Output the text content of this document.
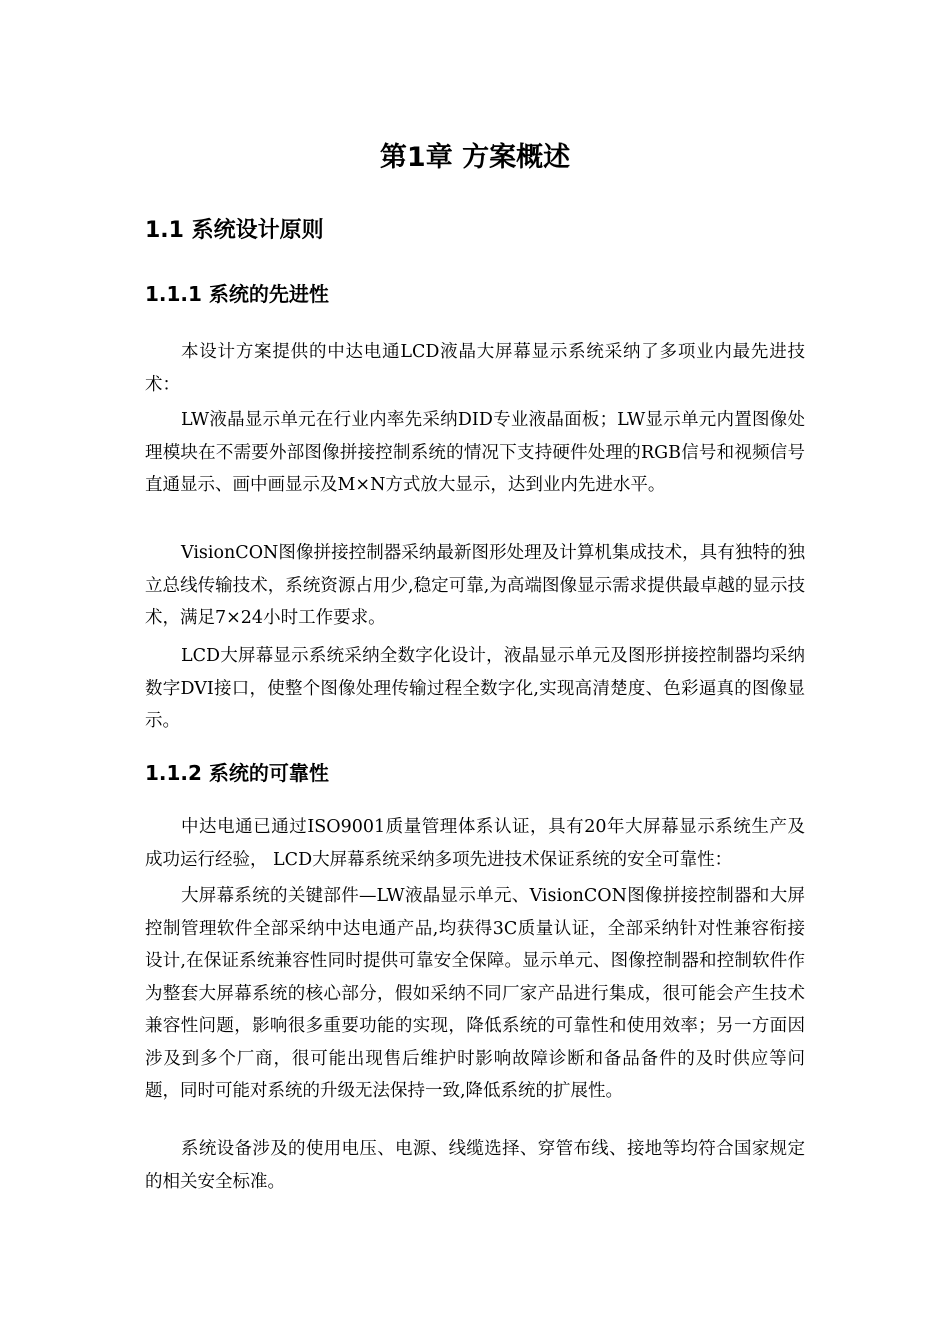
第1章 方案概述
1.1 系统设计原则
1.1.1 系统的先进性

本设计方案提供的中达电通LCD液晶大屏幕显示系统采纳了多项业内最先进技术：

LW液晶显示单元在行业内率先采纳DID专业液晶面板；LW显示单元内置图像处理模块在不需要外部图像拼接控制系统的情况下支持硬件处理的RGB信号和视频信号直通显示、画中画显示及M×N方式放大显示，达到业内先进水平。

VisionCON图像拼接控制器采纳最新图形处理及计算机集成技术，具有独特的独立总线传输技术，系统资源占用少,稳定可靠,为高端图像显示需求提供最卓越的显示技术，满足7×24小时工作要求。

LCD大屏幕显示系统采纳全数字化设计，液晶显示单元及图形拼接控制器均采纳数字DVI接口，使整个图像处理传输过程全数字化,实现高清楚度、色彩逼真的图像显示。

1.1.2 系统的可靠性

中达电通已通过ISO9001质量管理体系认证，具有20年大屏幕显示系统生产及成功运行经验， LCD大屏幕系统采纳多项先进技术保证系统的安全可靠性：

大屏幕系统的关键部件—LW液晶显示单元、VisionCON图像拼接控制器和大屏控制管理软件全部采纳中达电通产品,均获得3C质量认证，全部采纳针对性兼容衔接设计,在保证系统兼容性同时提供可靠安全保障。显示单元、图像控制器和控制软件作为整套大屏幕系统的核心部分，假如采纳不同厂家产品进行集成，很可能会产生技术兼容性问题，影响很多重要功能的实现，降低系统的可靠性和使用效率；另一方面因涉及到多个厂商，很可能出现售后维护时影响故障诊断和备品备件的及时供应等问题，同时可能对系统的升级无法保持一致,降低系统的扩展性。

系统设备涉及的使用电压、电源、线缆选择、穿管布线、接地等均符合国家规定的相关安全标准。
